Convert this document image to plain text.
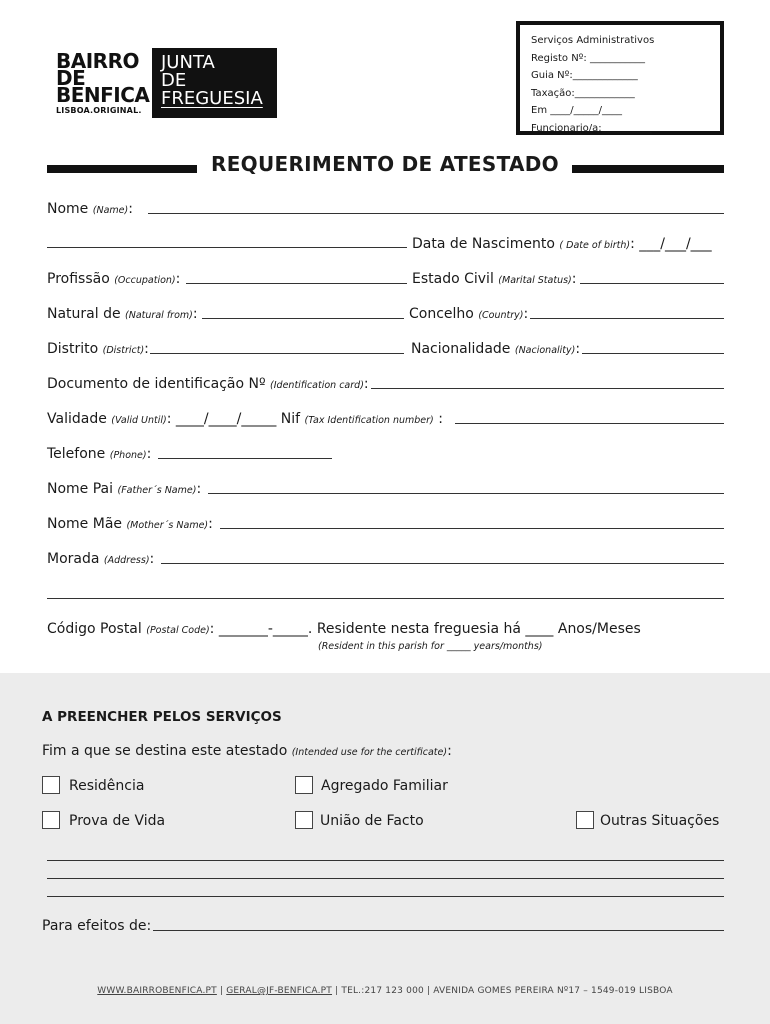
BAIRRO
DE
BENFICA
LISBOA.ORIGINAL.
JUNTA
DE
FREGUESIA
Serviços Administrativos
Registo Nº: ___________
Guia Nº:_____________
Taxação:____________
Em ____/_____/____
Funcionario/a:__________
REQUERIMENTO DE ATESTADO
Nome (Name):
Data de Nascimento ( Date of birth): ___/___/___
Profissão (Occupation):	Estado Civil (Marital Status):
Natural de (Natural from):	Concelho (Country):
Distrito (District):	Nacionalidade (Nacionality):
Documento de identificação Nº (Identification card):
Validade (Valid Until): ____/____/_____ Nif (Tax Identification number) :
Telefone (Phone):
Nome Pai (Father´s Name):
Nome Mãe (Mother´s Name):
Morada (Address):
Código Postal (Postal Code): _______-_____. Residente nesta freguesia há ____ Anos/Meses
(Resident in this parish for _____ years/months)
A PREENCHER PELOS SERVIÇOS
Fim a que se destina este atestado (Intended use for the certificate):
Residência	Agregado Familiar
Prova de Vida	União de Facto	Outras Situações
Para efeitos de:
WWW.BAIRROBENFICA.PT | GERAL@JF-BENFICA.PT | TEL.:217 123 000 | AVENIDA GOMES PEREIRA Nº17 – 1549-019 LISBOA
